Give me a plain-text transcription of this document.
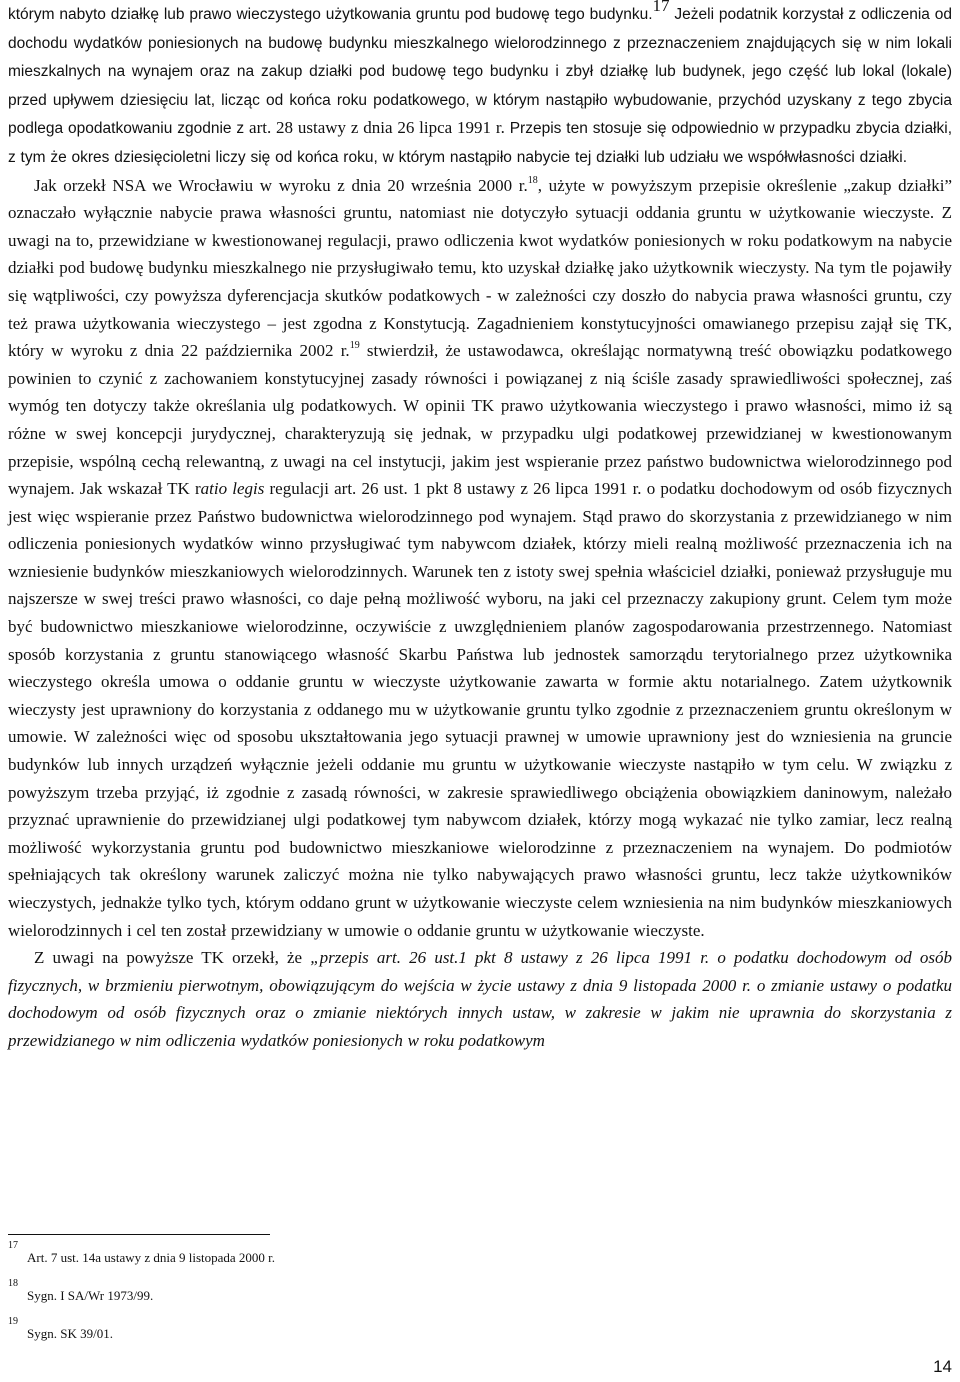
którym nabyto działkę lub prawo wieczystego użytkowania gruntu pod budowę tego budynku.$^{17}$ Jeżeli podatnik korzystał z odliczenia od dochodu wydatków poniesionych na budowę budynku mieszkalnego wielorodzinnego z przeznaczeniem znajdujących się w nim lokali mieszkalnych na wynajem oraz na zakup działki pod budowę tego budynku i zbył działkę lub budynek, jego część lub lokal (lokale) przed upływem dziesięciu lat, licząc od końca roku podatkowego, w którym nastąpiło wybudowanie, przychód uzyskany z tego zbycia podlega opodatkowaniu zgodnie z art. 28 ustawy z dnia 26 lipca 1991 r. Przepis ten stosuje się odpowiednio w przypadku zbycia działki, z tym że okres dziesięcioletni liczy się od końca roku, w którym nastąpiło nabycie tej działki lub udziału we współwłasności działki.

Jak orzekł NSA we Wrocławiu w wyroku z dnia 20 września 2000 r.$^{18}$, użyte w powyższym przepisie określenie „zakup działki” oznaczało wyłącznie nabycie prawa własności gruntu, natomiast nie dotyczyło sytuacji oddania gruntu w użytkowanie wieczyste. Z uwagi na to, przewidziane w kwestionowanej regulacji, prawo odliczenia kwot wydatków poniesionych w roku podatkowym na nabycie działki pod budowę budynku mieszkalnego nie przysługiwało temu, kto uzyskał działkę jako użytkownik wieczysty. Na tym tle pojawiły się wątpliwości, czy powyższa dyferencjacja skutków podatkowych - w zależności czy doszło do nabycia prawa własności gruntu, czy też prawa użytkowania wieczystego – jest zgodna z Konstytucją. Zagadnieniem konstytucyjności omawianego przepisu zajął się TK, który w wyroku z dnia 22 października 2002 r.$^{19}$ stwierdził, że ustawodawca, określając normatywną treść obowiązku podatkowego powinien to czynić z zachowaniem konstytucyjnej zasady równości i powiązanej z nią ściśle zasady sprawiedliwości społecznej, zaś wymóg ten dotyczy także określania ulg podatkowych. W opinii TK prawo użytkowania wieczystego i prawo własności, mimo iż są różne w swej koncepcji jurydycznej, charakteryzują się jednak, w przypadku ulgi podatkowej przewidzianej w kwestionowanym przepisie, wspólną cechą relewantną, z uwagi na cel instytucji, jakim jest wspieranie przez państwo budownictwa wielorodzinnego pod wynajem. Jak wskazał TK ratio legis regulacji art. 26 ust. 1 pkt 8 ustawy z 26 lipca 1991 r. o podatku dochodowym od osób fizycznych jest więc wspieranie przez Państwo budownictwa wielorodzinnego pod wynajem. Stąd prawo do skorzystania z przewidzianego w nim odliczenia poniesionych wydatków winno przysługiwać tym nabywcom działek, którzy mieli realną możliwość przeznaczenia ich na wzniesienie budynków mieszkaniowych wielorodzinnych. Warunek ten z istoty swej spełnia właściciel działki, ponieważ przysługuje mu najszersze w swej treści prawo własności, co daje pełną możliwość wyboru, na jaki cel przeznaczy zakupiony grunt. Celem tym może być budownictwo mieszkaniowe wielorodzinne, oczywiście z uwzględnieniem planów zagospodarowania przestrzennego. Natomiast sposób korzystania z gruntu stanowiącego własność Skarbu Państwa lub jednostek samorządu terytorialnego przez użytkownika wieczystego określa umowa o oddanie gruntu w wieczyste użytkowanie zawarta w formie aktu notarialnego. Zatem użytkownik wieczysty jest uprawniony do korzystania z oddanego mu w użytkowanie gruntu tylko zgodnie z przeznaczeniem gruntu określonym w umowie. W zależności więc od sposobu ukształtowania jego sytuacji prawnej w umowie uprawniony jest do wzniesienia na gruncie budynków lub innych urządzeń wyłącznie jeżeli oddanie mu gruntu w użytkowanie wieczyste nastąpiło w tym celu. W związku z powyższym trzeba przyjąć, iż zgodnie z zasadą równości, w zakresie sprawiedliwego obciążenia obowiązkiem daninowym, należało przyznać uprawnienie do przewidzianej ulgi podatkowej tym nabywcom działek, którzy mogą wykazać nie tylko zamiar, lecz realną możliwość wykorzystania gruntu pod budownictwo mieszkaniowe wielorodzinne z przeznaczeniem na wynajem. Do podmiotów spełniających tak określony warunek zaliczyć można nie tylko nabywających prawo własności gruntu, lecz także użytkowników wieczystych, jednakże tylko tych, którym oddano grunt w użytkowanie wieczyste celem wzniesienia na nim budynków mieszkaniowych wielorodzinnych i cel ten został przewidziany w umowie o oddanie gruntu w użytkowanie wieczyste.

Z uwagi na powyższe TK orzekł, że „przepis art. 26 ust.1 pkt 8 ustawy z 26 lipca 1991 r. o podatku dochodowym od osób fizycznych, w brzmieniu pierwotnym, obowiązującym do wejścia w życie ustawy z dnia 9 listopada 2000 r. o zmianie ustawy o podatku dochodowym od osób fizycznych oraz o zmianie niektórych innych ustaw, w zakresie w jakim nie uprawnia do skorzystania z przewidzianego w nim odliczenia wydatków poniesionych w roku podatkowym

17
Art. 7 ust. 14a ustawy z dnia 9 listopada 2000 r.
18
Sygn. I SA/Wr 1973/99.
19
Sygn. SK 39/01.
14
